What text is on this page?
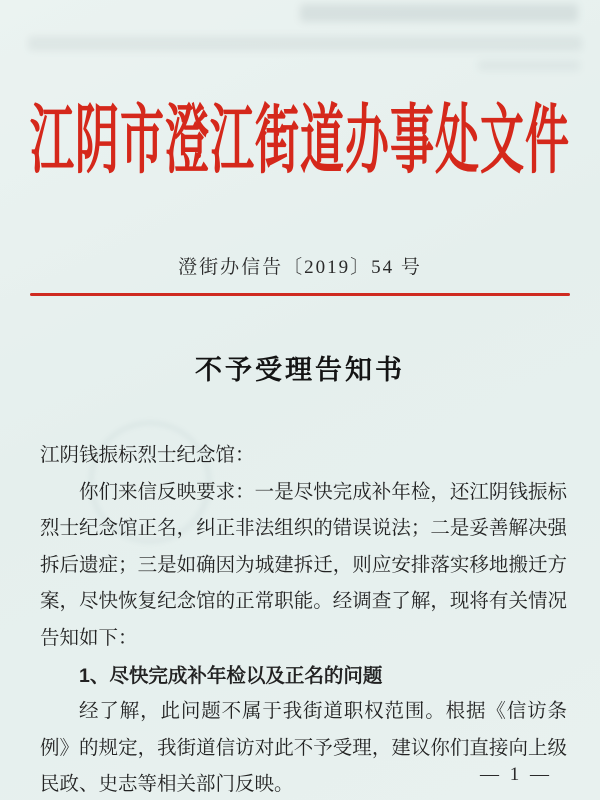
江阴市澄江街道办事处文件
澄街办信告〔2019〕54 号
不予受理告知书

江阴钱振标烈士纪念馆：

你们来信反映要求：一是尽快完成补年检，还江阴钱振标烈士纪念馆正名，纠正非法组织的错误说法；二是妥善解决强拆后遗症；三是如确因为城建拆迁，则应安排落实移地搬迁方案，尽快恢复纪念馆的正常职能。经调查了解，现将有关情况告知如下：

1、尽快完成补年检以及正名的问题

经了解，此问题不属于我街道职权范围。根据《信访条例》的规定，我街道信访对此不予受理，建议你们直接向上级民政、史志等相关部门反映。	— 1 —
